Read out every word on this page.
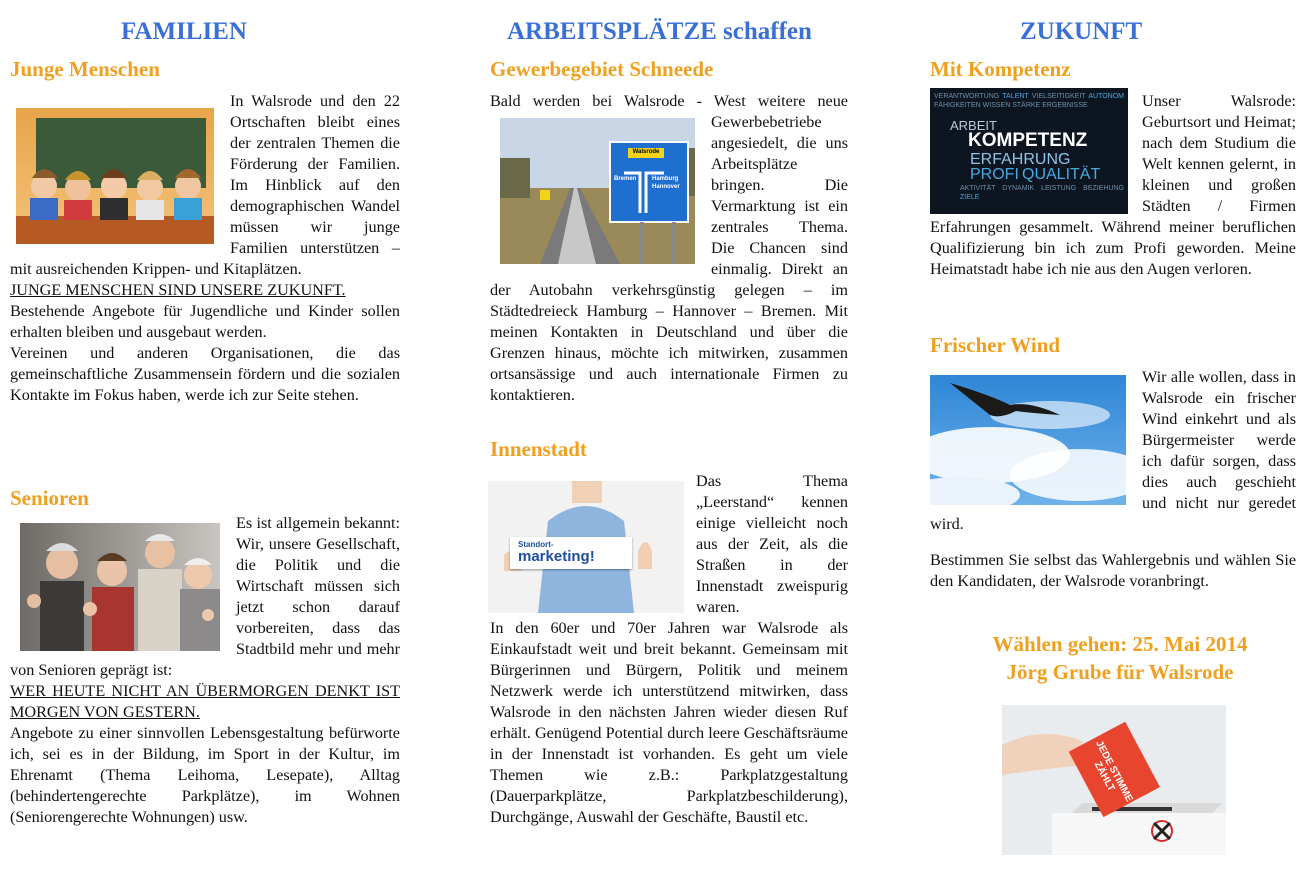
FAMILIEN
Junge Menschen
In Walsrode und den 22 Ortschaften bleibt eines der zentralen Themen die Förderung der Familien. Im Hinblick auf den demographischen Wandel müssen wir junge Familien unterstützen – mit ausreichenden Krippen- und Kitaplätzen.
JUNGE MENSCHEN SIND UNSERE ZUKUNFT.
Bestehende Angebote für Jugendliche und Kinder sollen erhalten bleiben und ausgebaut werden.
Vereinen und anderen Organisationen, die das gemeinschaftliche Zusammensein fördern und die sozialen Kontakte im Fokus haben, werde ich zur Seite stehen.
Senioren
Es ist allgemein bekannt: Wir, unsere Gesellschaft, die Politik und die Wirtschaft müssen sich jetzt schon darauf vorbereiten, dass das Stadtbild mehr und mehr von Senioren geprägt ist:
WER HEUTE NICHT AN ÜBERMORGEN DENKT IST MORGEN VON GESTERN.
Angebote zu einer sinnvollen Lebensgestaltung befürworte ich, sei es in der Bildung, im Sport in der Kultur, im Ehrenamt (Thema Leihoma, Lesepate), Alltag (behindertengerechte Parkplätze), im Wohnen (Seniorengerechte Wohnungen) usw.
ARBEITSPLÄTZE schaffen
Gewerbegebiet Schneede
Bald werden bei Walsrode - West weitere neue
Walsrode
Bremen	Hamburg
Hannover
Gewerbebetriebe angesiedelt, die uns Arbeitsplätze bringen. Die Vermarktung ist ein zentrales Thema. Die Chancen sind einmalig. Direkt an der Autobahn verkehrsgünstig gelegen – im Städtedreieck Hamburg – Hannover – Bremen. Mit meinen Kontakten in Deutschland und über die Grenzen hinaus, möchte ich mitwirken, zusammen ortsansässige und auch internationale Firmen zu kontaktieren.
Innenstadt
Standort-
marketing!
Das Thema „Leerstand“ kennen einige vielleicht noch aus der Zeit, als die Straßen in der Innenstadt zweispurig waren.
In den 60er und 70er Jahren war Walsrode als Einkaufstadt weit und breit bekannt. Gemeinsam mit Bürgerinnen und Bürgern, Politik und meinem Netzwerk werde ich unterstützend mitwirken, dass Walsrode in den nächsten Jahren wieder diesen Ruf erhält. Genügend Potential durch leere Geschäftsräume in der Innenstadt ist vorhanden. Es geht um viele Themen wie z.B.: Parkplatzgestaltung (Dauerparkplätze, Parkplatzbeschilderung), Durchgänge, Auswahl der Geschäfte, Baustil etc.
ZUKUNFT
Mit Kompetenz
VERANTWORTUNG TALENT VIELSEITIGKEIT AUTONOM FÄHIGKEITEN WISSEN STÄRKE ERGEBNISSE
ARBEIT
KOMPETENZ
ERFAHRUNG
PROFI QUALITÄT
AKTIVITÄT DYNAMIK LEISTUNG BEZIEHUNG ZIELE
Unser Walsrode: Geburtsort und Heimat; nach dem Studium die Welt kennen gelernt, in kleinen und großen Städten / Firmen Erfahrungen gesammelt. Während meiner beruflichen Qualifizierung bin ich zum Profi geworden. Meine Heimatstadt habe ich nie aus den Augen verloren.
Frischer Wind
Wir alle wollen, dass in Walsrode ein frischer Wind einkehrt und als Bürgermeister werde ich dafür sorgen, dass dies auch geschieht und nicht nur geredet wird.
Bestimmen Sie selbst das Wahlergebnis und wählen Sie den Kandidaten, der Walsrode voranbringt.
Wählen gehen: 25. Mai 2014
Jörg Grube für Walsrode
JEDE STIMME ZÄHLT
